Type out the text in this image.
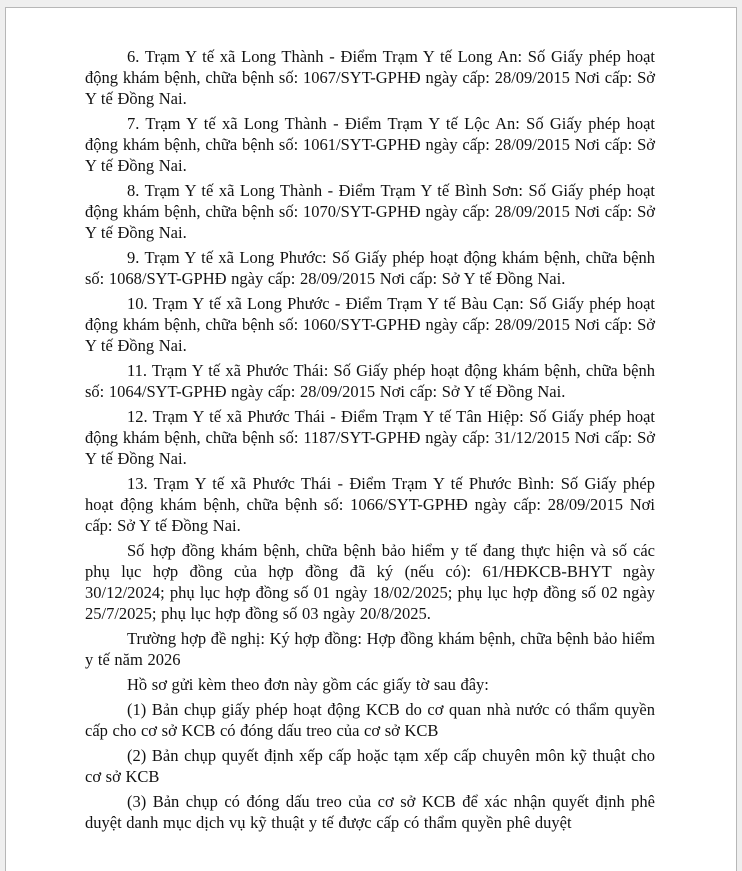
6. Trạm Y tế xã Long Thành - Điểm Trạm Y tế Long An: Số Giấy phép hoạt động khám bệnh, chữa bệnh số: 1067/SYT-GPHĐ ngày cấp: 28/09/2015 Nơi cấp: Sở Y tế Đồng Nai.

7. Trạm Y tế xã Long Thành - Điểm Trạm Y tế Lộc An: Số Giấy phép hoạt động khám bệnh, chữa bệnh số: 1061/SYT-GPHĐ ngày cấp: 28/09/2015 Nơi cấp: Sở Y tế Đồng Nai.

8. Trạm Y tế xã Long Thành - Điểm Trạm Y tế Bình Sơn: Số Giấy phép hoạt động khám bệnh, chữa bệnh số: 1070/SYT-GPHĐ ngày cấp: 28/09/2015 Nơi cấp: Sở Y tế Đồng Nai.

9. Trạm Y tế xã Long Phước: Số Giấy phép hoạt động khám bệnh, chữa bệnh số: 1068/SYT-GPHĐ ngày cấp: 28/09/2015 Nơi cấp: Sở Y tế Đồng Nai.

10. Trạm Y tế xã Long Phước - Điểm Trạm Y tế Bàu Cạn: Số Giấy phép hoạt động khám bệnh, chữa bệnh số: 1060/SYT-GPHĐ ngày cấp: 28/09/2015 Nơi cấp: Sở Y tế Đồng Nai.

11. Trạm Y tế xã Phước Thái: Số Giấy phép hoạt động khám bệnh, chữa bệnh số: 1064/SYT-GPHĐ ngày cấp: 28/09/2015 Nơi cấp: Sở Y tế Đồng Nai.

12. Trạm Y tế xã Phước Thái - Điểm Trạm Y tế Tân Hiệp: Số Giấy phép hoạt động khám bệnh, chữa bệnh số: 1187/SYT-GPHĐ ngày cấp: 31/12/2015 Nơi cấp: Sở Y tế Đồng Nai.

13. Trạm Y tế xã Phước Thái - Điểm Trạm Y tế Phước Bình: Số Giấy phép hoạt động khám bệnh, chữa bệnh số: 1066/SYT-GPHĐ ngày cấp: 28/09/2015 Nơi cấp: Sở Y tế Đồng Nai.

Số hợp đồng khám bệnh, chữa bệnh bảo hiểm y tế đang thực hiện và số các phụ lục hợp đồng của hợp đồng đã ký (nếu có): 61/HĐKCB-BHYT ngày 30/12/2024; phụ lục hợp đồng số 01 ngày 18/02/2025; phụ lục hợp đồng số 02 ngày 25/7/2025; phụ lục hợp đồng số 03 ngày 20/8/2025.

Trường hợp đề nghị: Ký hợp đồng: Hợp đồng khám bệnh, chữa bệnh bảo hiểm y tế năm 2026

Hồ sơ gửi kèm theo đơn này gồm các giấy tờ sau đây:

(1) Bản chụp giấy phép hoạt động KCB do cơ quan nhà nước có thẩm quyền cấp cho cơ sở KCB có đóng dấu treo của cơ sở KCB

(2) Bản chụp quyết định xếp cấp hoặc tạm xếp cấp chuyên môn kỹ thuật cho cơ sở KCB

(3) Bản chụp có đóng dấu treo của cơ sở KCB để xác nhận quyết định phê duyệt danh mục dịch vụ kỹ thuật y tế được cấp có thẩm quyền phê duyệt
